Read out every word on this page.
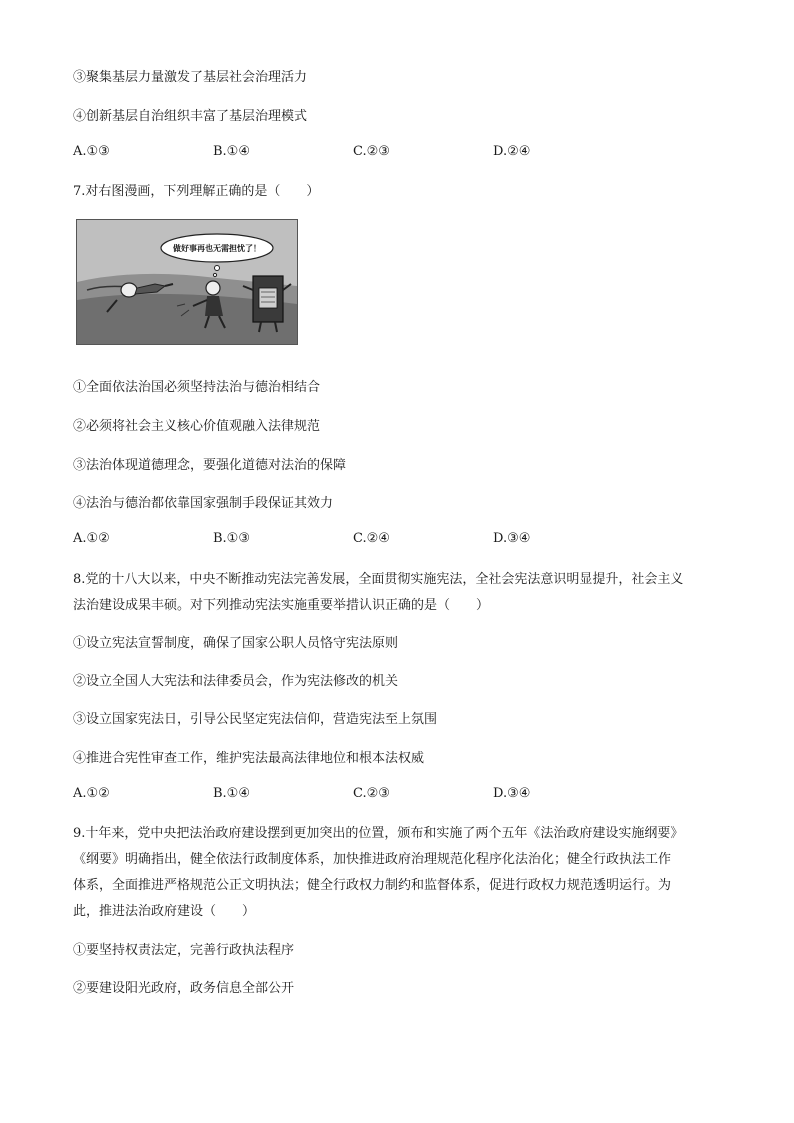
③聚集基层力量激发了基层社会治理活力
④创新基层自治组织丰富了基层治理模式
A.①③	B.①④	C.②③	D.②④
7.对右图漫画，下列理解正确的是（　　）
做好事再也无需担忧了！
①全面依法治国必须坚持法治与德治相结合
②必须将社会主义核心价值观融入法律规范
③法治体现道德理念，要强化道德对法治的保障
④法治与德治都依靠国家强制手段保证其效力
A.①②	B.①③	C.②④	D.③④
8.党的十八大以来，中央不断推动宪法完善发展，全面贯彻实施宪法，全社会宪法意识明显提升，社会主义
法治建设成果丰硕。对下列推动宪法实施重要举措认识正确的是（　　）
①设立宪法宣誓制度，确保了国家公职人员恪守宪法原则
②设立全国人大宪法和法律委员会，作为宪法修改的机关
③设立国家宪法日，引导公民坚定宪法信仰，营造宪法至上氛围
④推进合宪性审查工作，维护宪法最高法律地位和根本法权威
A.①②	B.①④	C.②③	D.③④
9.十年来，党中央把法治政府建设摆到更加突出的位置，颁布和实施了两个五年《法治政府建设实施纲要》
《纲要》明确指出，健全依法行政制度体系，加快推进政府治理规范化程序化法治化；健全行政执法工作
体系，全面推进严格规范公正文明执法；健全行政权力制约和监督体系，促进行政权力规范透明运行。为
此，推进法治政府建设（　　）
①要坚持权责法定，完善行政执法程序
②要建设阳光政府，政务信息全部公开
